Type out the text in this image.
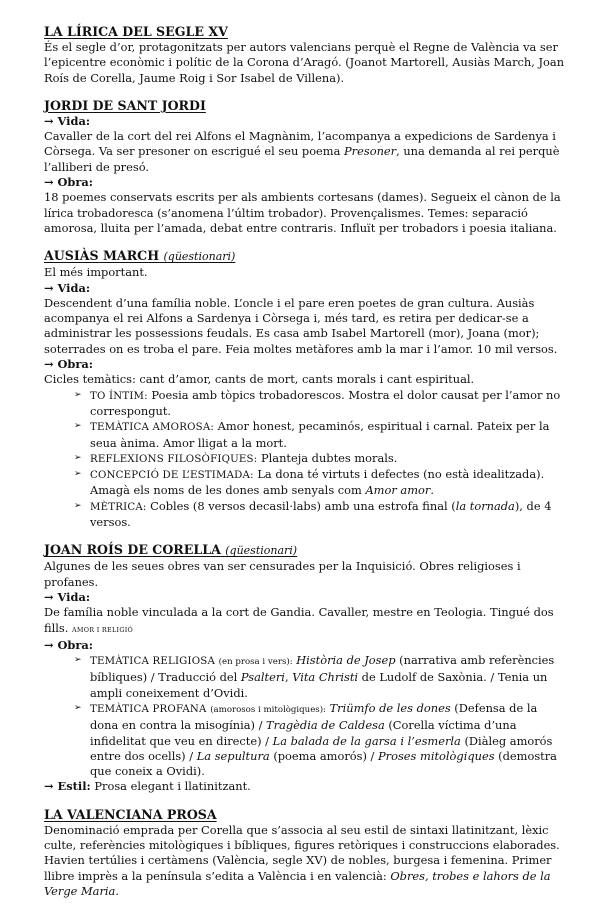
LA LÍRICA DEL SEGLE XV

És el segle d’or, protagonitzats per autors valencians perquè el Regne de València va ser l’epicentre econòmic i polític de la Corona d’Aragó. (Joanot Martorell, Ausiàs March, Joan Roís de Corella, Jaume Roig i Sor Isabel de Villena).

JORDI DE SANT JORDI

→ Vida:

Cavaller de la cort del rei Alfons el Magnànim, l’acompanya a expedicions de Sardenya i Còrsega. Va ser presoner on escrigué el seu poema Presoner, una demanda al rei perquè l’alliberi de presó.

→ Obra:

18 poemes conservats escrits per als ambients cortesans (dames). Segueix el cànon de la lírica trobadoresca (s’anomena l’últim trobador). Provençalismes. Temes: separació amorosa, lluita per l’amada, debat entre contraris. Influït per trobadors i poesia italiana.

AUSIÀS MARCH (qüestionari)

El més important.

→ Vida:

Descendent d’una família noble. L’oncle i el pare eren poetes de gran cultura. Ausiàs acompanya el rei Alfons a Sardenya i Còrsega i, més tard, es retira per dedicar-se a administrar les possessions feudals. Es casa amb Isabel Martorell (mor), Joana (mor); soterrades on es troba el pare. Feia moltes metàfores amb la mar i l’amor. 10 mil versos.

→ Obra:

Cicles temàtics: cant d’amor, cants de mort, cants morals i cant espiritual.

➢ TO ÍNTIM: Poesia amb tòpics trobadorescos. Mostra el dolor causat per l’amor no correspongut.
➢ TEMÀTICA AMOROSA: Amor honest, pecaminós, espiritual i carnal. Pateix per la seua ànima. Amor lligat a la mort.
➢ REFLEXIONS FILOSÒFIQUES: Planteja dubtes morals.
➢ CONCEPCIÓ DE L’ESTIMADA: La dona té virtuts i defectes (no està idealitzada). Amagà els noms de les dones amb senyals com Amor amor.
➢ MÈTRICA: Cobles (8 versos decasil·labs) amb una estrofa final (la tornada), de 4 versos.
JOAN ROÍS DE CORELLA (qüestionari)

Algunes de les seues obres van ser censurades per la Inquisició. Obres religioses i profanes.

→ Vida:

De família noble vinculada a la cort de Gandia. Cavaller, mestre en Teologia. Tingué dos fills. AMOR I RELIGIÓ

→ Obra:

➢ TEMÀTICA RELIGIOSA (en prosa i vers): Història de Josep (narrativa amb referències bíbliques) / Traducció del Psalteri, Vita Christi de Ludolf de Saxònia. / Tenia un ampli coneixement d’Ovidi.
➢ TEMÀTICA PROFANA (amorosos i mitològiques): Triümfo de les dones (Defensa de la dona en contra la misogínia) / Tragèdia de Caldesa (Corella víctima d’una infidelitat que veu en directe) / La balada de la garsa i l’esmerla (Diàleg amorós entre dos ocells) / La sepultura (poema amorós) / Proses mitològiques (demostra que coneix a Ovidi).

→ Estil: Prosa elegant i llatinitzant.

LA VALENCIANA PROSA

Denominació emprada per Corella que s’associa al seu estil de sintaxi llatinitzant, lèxic culte, referències mitològiques i bíbliques, figures retòriques i construccions elaborades. Havien tertúlies i certàmens (València, segle XV) de nobles, burgesa i femenina. Primer llibre imprès a la península s’edita a València i en valencià: Obres, trobes e lahors de la Verge Maria.
